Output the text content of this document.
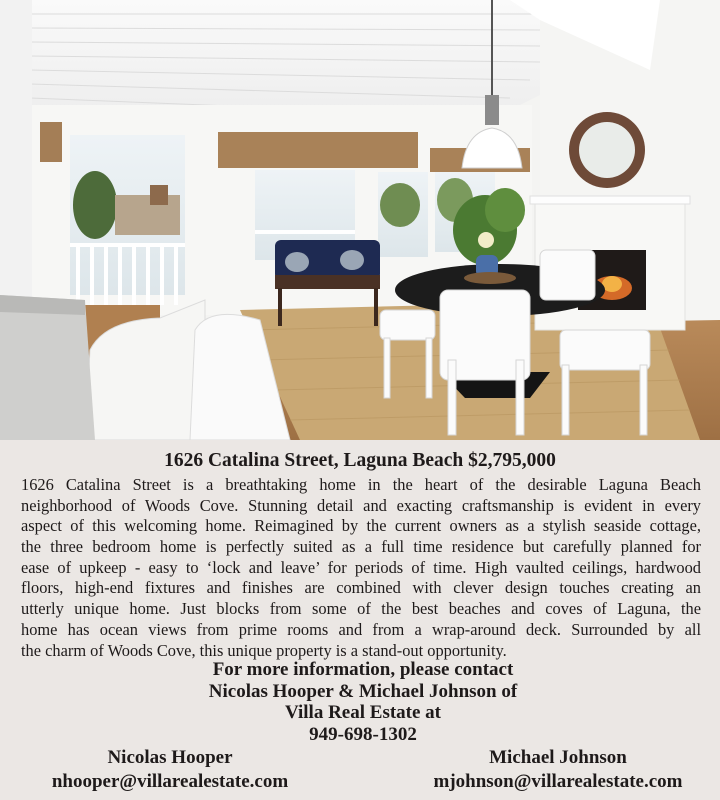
1626 Catalina Street, Laguna Beach $2,795,000
1626 Catalina Street is a breathtaking home in the heart of the desirable Laguna Beach
neighborhood of Woods Cove. Stunning detail and exacting craftsmanship is evident in every
aspect of this welcoming home. Reimagined by the current owners as a stylish seaside cottage,
the three bedroom home is perfectly suited as a full time residence but carefully planned for
ease of upkeep - easy to ‘lock and leave’ for periods of time. High vaulted ceilings, hardwood
floors, high-end fixtures and finishes are combined with clever design touches creating an
utterly unique home. Just blocks from some of the best beaches and coves of Laguna, the
home has ocean views from prime rooms and from a wrap-around deck. Surrounded by all
the charm of Woods Cove, this unique property is a stand-out opportunity.
For more information, please contact
Nicolas Hooper & Michael Johnson of
Villa Real Estate at
949-698-1302
Nicolas Hooper
nhooper@villarealestate.com
Michael Johnson
mjohnson@villarealestate.com
